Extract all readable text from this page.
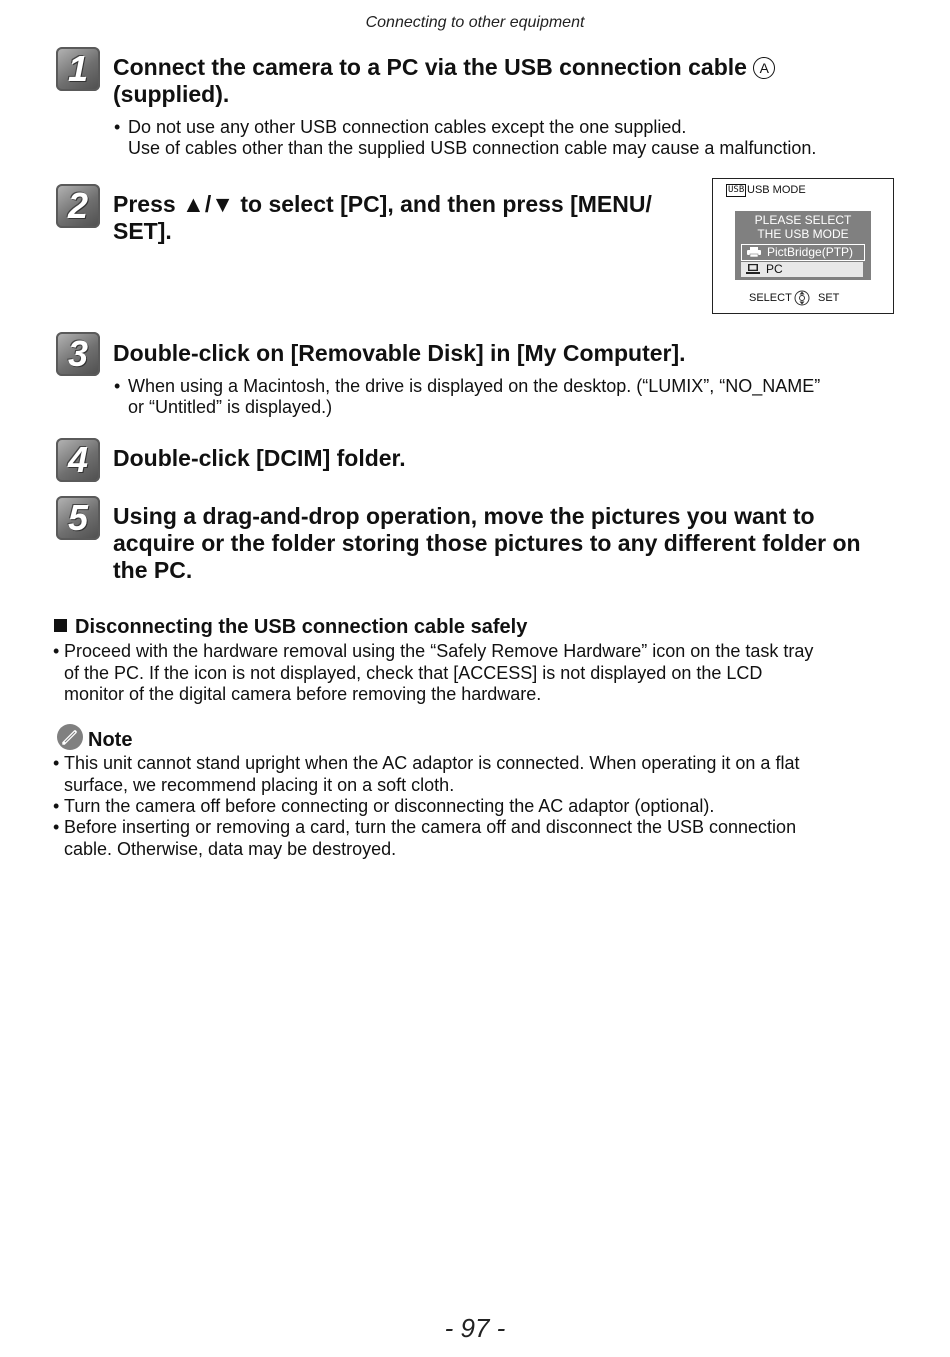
Connecting to other equipment
1	Connect the camera to a PC via the USB connection cable A
(supplied).
• Do not use any other USB connection cables except the one supplied.
Use of cables other than the supplied USB connection cable may cause a malfunction.
2	Press ▲/▼ to select [PC], and then press [MENU/
SET].
USB USB MODE
PLEASE SELECT
THE USB MODE
PictBridge(PTP)
PC
SELECT SET
3	Double-click on [Removable Disk] in [My Computer].
• When using a Macintosh, the drive is displayed on the desktop. (“LUMIX”, “NO_NAME”
or “Untitled” is displayed.)
4	Double-click [DCIM] folder.
5	Using a drag-and-drop operation, move the pictures you want to
acquire or the folder storing those pictures to any different folder on
the PC.
Disconnecting the USB connection cable safely
• Proceed with the hardware removal using the “Safely Remove Hardware” icon on the task tray
of the PC. If the icon is not displayed, check that [ACCESS] is not displayed on the LCD
monitor of the digital camera before removing the hardware.
Note
• This unit cannot stand upright when the AC adaptor is connected. When operating it on a flat
surface, we recommend placing it on a soft cloth.
• Turn the camera off before connecting or disconnecting the AC adaptor (optional).
• Before inserting or removing a card, turn the camera off and disconnect the USB connection
cable. Otherwise, data may be destroyed.
- 97 -
